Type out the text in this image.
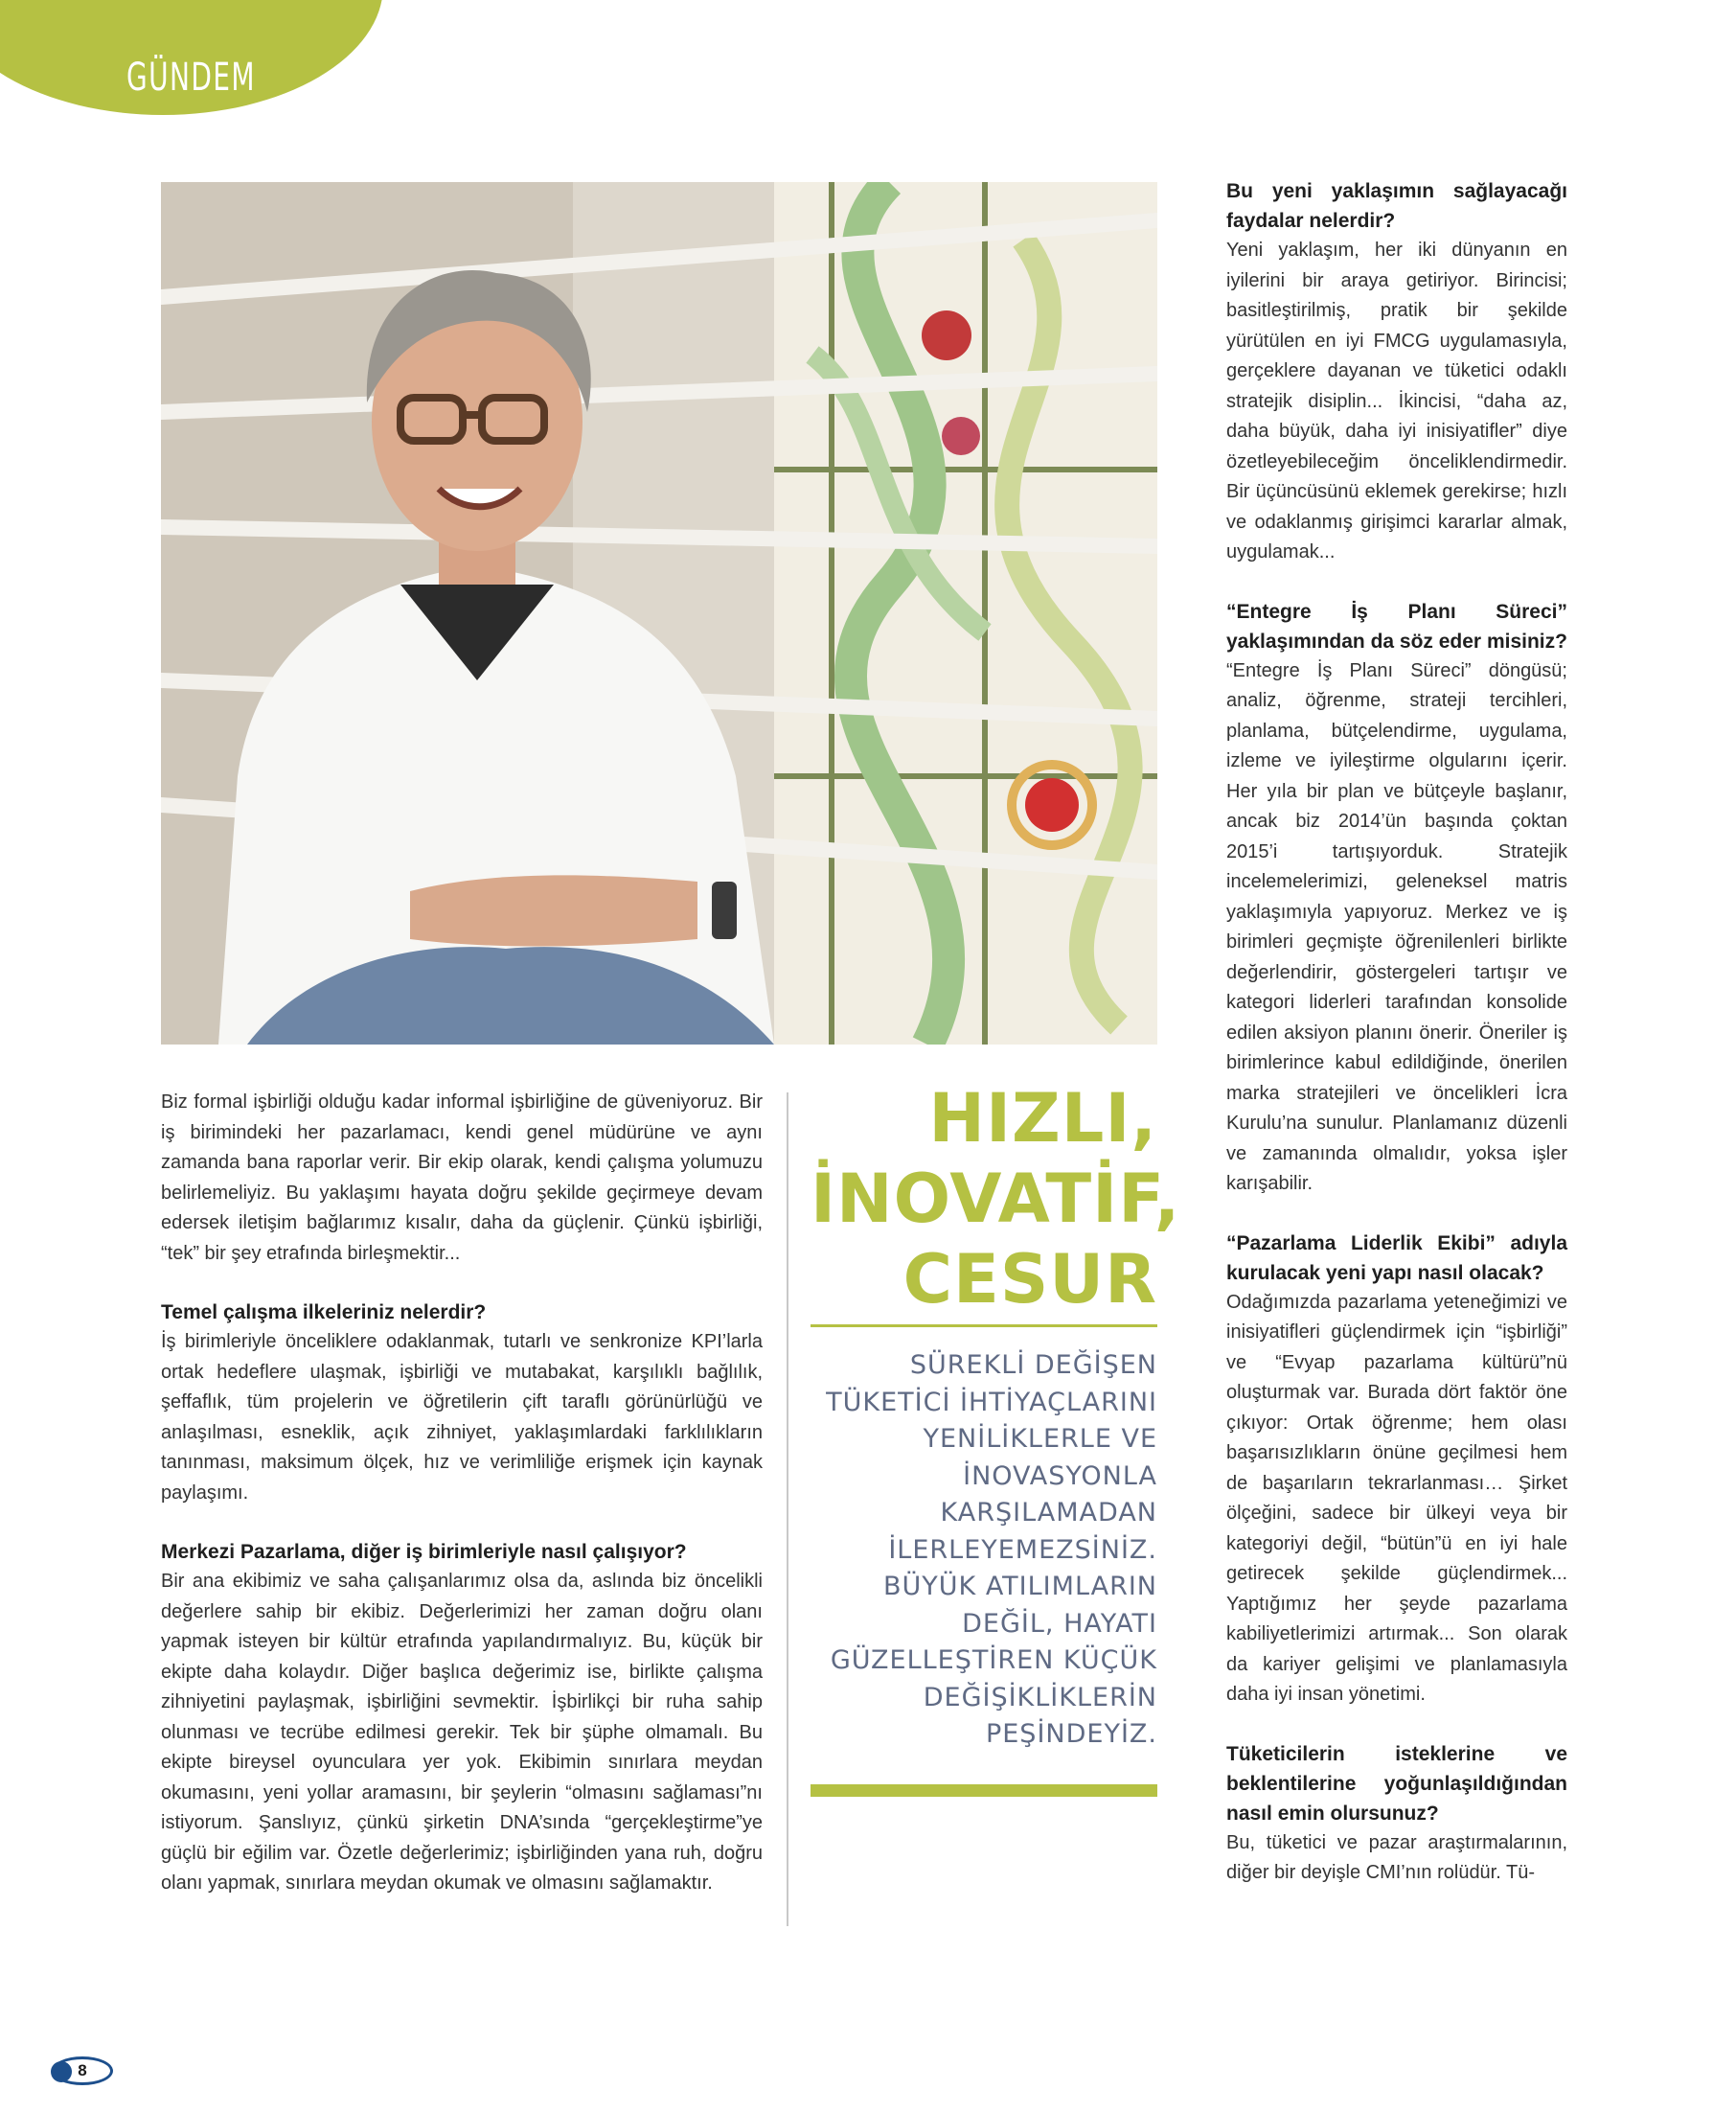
GÜNDEM

Biz formal işbirliği olduğu kadar informal işbirliğine de güveniyoruz. Bir iş birimindeki her pazarlamacı, kendi genel müdürüne ve aynı zamanda bana raporlar verir. Bir ekip olarak, kendi çalışma yolumuzu belirlemeliyiz. Bu yaklaşımı hayata doğru şekilde geçirmeye devam edersek iletişim bağlarımız kısalır, daha da güçlenir. Çünkü işbirliği, “tek” bir şey etrafında birleşmektir...

Temel çalışma ilkeleriniz nelerdir?

İş birimleriyle önceliklere odaklanmak, tutarlı ve senkronize KPI’larla ortak hedeflere ulaşmak, işbirliği ve mutabakat, karşılıklı bağlılık, şeffaflık, tüm projelerin ve öğretilerin çift taraflı görünürlüğü ve anlaşılması, esneklik, açık zihniyet, yaklaşımlardaki farklılıkların tanınması, maksimum ölçek, hız ve verimliliğe erişmek için kaynak paylaşımı.

Merkezi Pazarlama, diğer iş birimleriyle nasıl çalışıyor?

Bir ana ekibimiz ve saha çalışanlarımız olsa da, aslında biz öncelikli değerlere sahip bir ekibiz. Değerlerimizi her zaman doğru olanı yapmak isteyen bir kültür etrafında yapılandırmalıyız. Bu, küçük bir ekipte daha kolaydır. Diğer başlıca değerimiz ise, birlikte çalışma zihniyetini paylaşmak, işbirliğini sevmektir. İşbirlikçi bir ruha sahip olunması ve tecrübe edilmesi gerekir. Tek bir şüphe olmamalı. Bu ekipte bireysel oyunculara yer yok. Ekibimin sınırlara meydan okumasını, yeni yollar aramasını, bir şeylerin “olmasını sağlaması”nı istiyorum. Şanslıyız, çünkü şirketin DNA’sında “gerçekleştirme”ye güçlü bir eğilim var. Özetle değerlerimiz; işbirliğinden yana ruh, doğru olanı yapmak, sınırlara meydan okumak ve olmasını sağlamaktır.

HIZLI,
İNOVATİF,
CESUR
SÜREKLİ DEĞİŞEN TÜKETİCİ İHTİYAÇLARINI YENİLİKLERLE VE İNOVASYONLA KARŞILAMADAN İLERLEYEMEZSİNİZ. BÜYÜK ATILIMLARIN DEĞİL, HAYATI GÜZELLEŞTİREN KÜÇÜK DEĞİŞİKLİKLERİN PEŞİNDEYİZ.

Bu yeni yaklaşımın sağlayacağı faydalar nelerdir?

Yeni yaklaşım, her iki dünyanın en iyilerini bir araya getiriyor. Birincisi; basitleştirilmiş, pratik bir şekilde yürütülen en iyi FMCG uygulamasıyla, gerçeklere dayanan ve tüketici odaklı stratejik disiplin... İkincisi, “daha az, daha büyük, daha iyi inisiyatifler” diye özetleyebileceğim önceliklendirmedir. Bir üçüncüsünü eklemek gerekirse; hızlı ve odaklanmış girişimci kararlar almak, uygulamak...

“Entegre İş Planı Süreci” yaklaşımından da söz eder misiniz?

“Entegre İş Planı Süreci” döngüsü; analiz, öğrenme, strateji tercihleri, planlama, bütçelendirme, uygulama, izleme ve iyileştirme olgularını içerir. Her yıla bir plan ve bütçeyle başlanır, ancak biz 2014’ün başında çoktan 2015’i tartışıyorduk. Stratejik incelemelerimizi, geleneksel matris yaklaşımıyla yapıyoruz. Merkez ve iş birimleri geçmişte öğrenilenleri birlikte değerlendirir, göstergeleri tartışır ve kategori liderleri tarafından konsolide edilen aksiyon planını önerir. Öneriler iş birimlerince kabul edildiğinde, önerilen marka stratejileri ve öncelikleri İcra Kurulu’na sunulur. Planlamanız düzenli ve zamanında olmalıdır, yoksa işler karışabilir.

“Pazarlama Liderlik Ekibi” adıyla kurulacak yeni yapı nasıl olacak?

Odağımızda pazarlama yeteneğimizi ve inisiyatifleri güçlendirmek için “işbirliği” ve “Evyap pazarlama kültürü”nü oluşturmak var. Burada dört faktör öne çıkıyor: Ortak öğrenme; hem olası başarısızlıkların önüne geçilmesi hem de başarıların tekrarlanması… Şirket ölçeğini, sadece bir ülkeyi veya bir kategoriyi değil, “bütün”ü en iyi hale getirecek şekilde güçlendirmek... Yaptığımız her şeyde pazarlama kabiliyetlerimizi artırmak... Son olarak da kariyer gelişimi ve planlamasıyla daha iyi insan yönetimi.

Tüketicilerin isteklerine ve beklentilerine yoğunlaşıldığından nasıl emin olursunuz?

Bu, tüketici ve pazar araştırmalarının, diğer bir deyişle CMI’nın rolüdür. Tü-

8
